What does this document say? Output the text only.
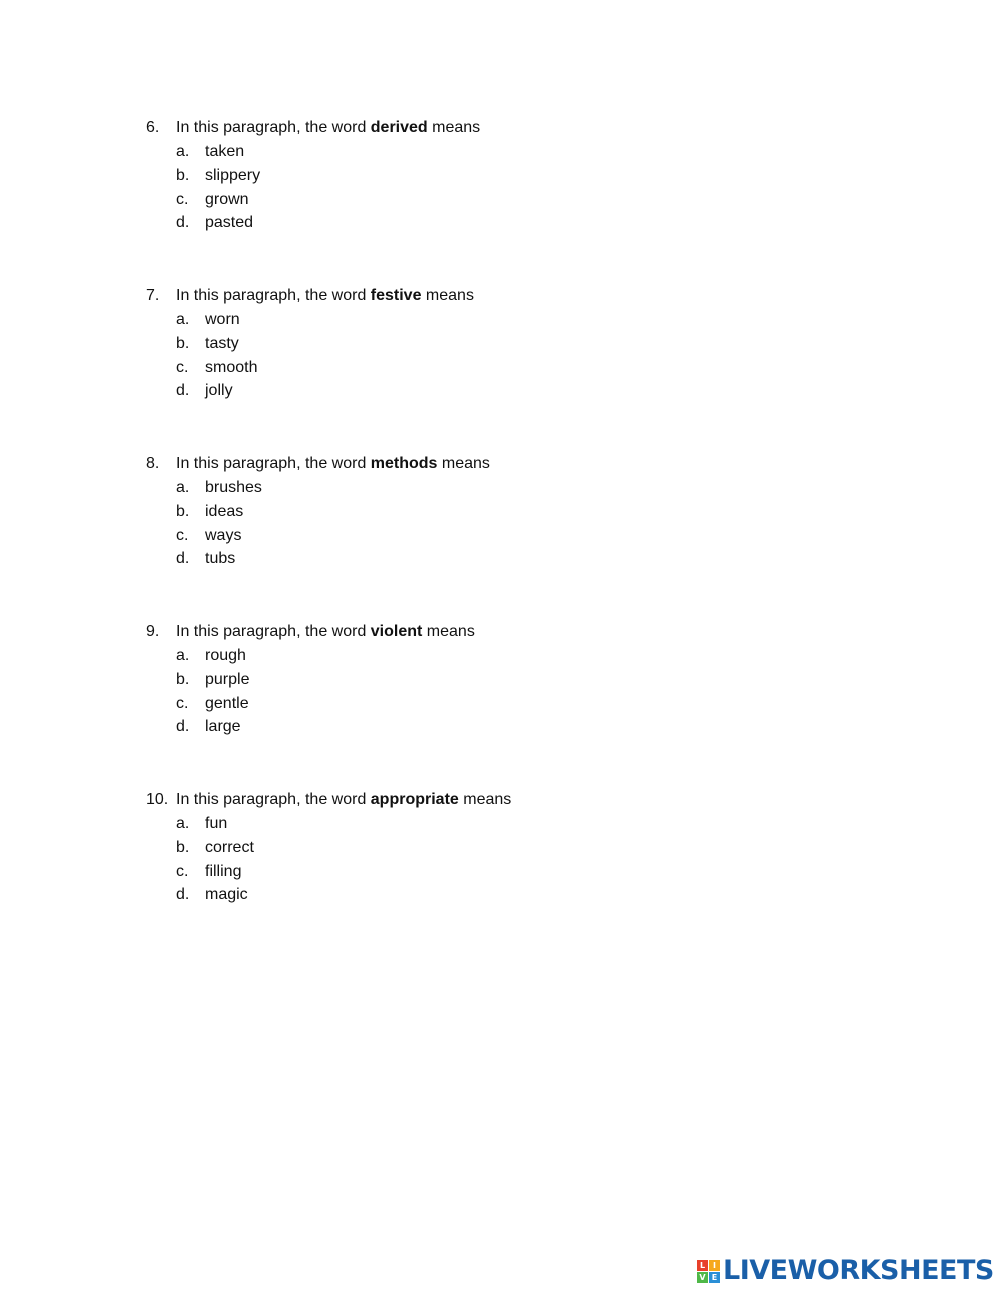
6. In this paragraph, the word derived means
a. taken
b. slippery
c. grown
d. pasted
7. In this paragraph, the word festive means
a. worn
b. tasty
c. smooth
d. jolly
8. In this paragraph, the word methods means
a. brushes
b. ideas
c. ways
d. tubs
9. In this paragraph, the word violent means
a. rough
b. purple
c. gentle
d. large
10. In this paragraph, the word appropriate means
a. fun
b. correct
c. filling
d. magic
L I
V E LIVEWORKSHEETS
